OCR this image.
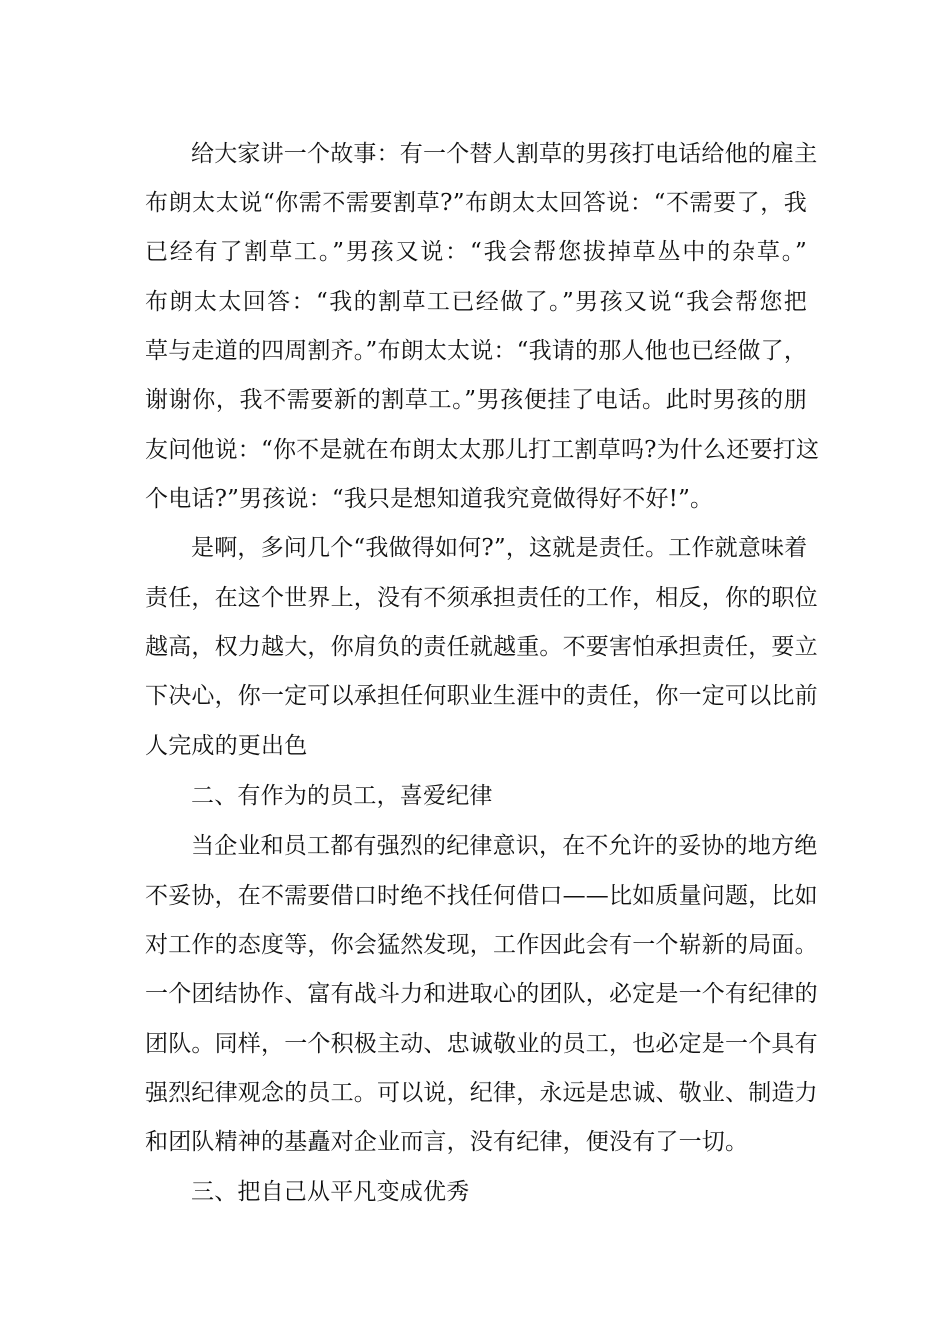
给大家讲一个故事：有一个替人割草的男孩打电话给他的雇主
布朗太太说“你需不需要割草?”布朗太太回答说：“不需要了，我
已经有了割草工。”男孩又说：“我会帮您拔掉草丛中的杂草。”
布朗太太回答：“我的割草工已经做了。”男孩又说“我会帮您把
草与走道的四周割齐。”布朗太太说：“我请的那人他也已经做了，
谢谢你，我不需要新的割草工。”男孩便挂了电话。此时男孩的朋
友问他说：“你不是就在布朗太太那儿打工割草吗?为什么还要打这
个电话?”男孩说：“我只是想知道我究竟做得好不好!”。
是啊，多问几个“我做得如何?”，这就是责任。工作就意味着
责任，在这个世界上，没有不须承担责任的工作，相反，你的职位
越高，权力越大，你肩负的责任就越重。不要害怕承担责任，要立
下决心，你一定可以承担任何职业生涯中的责任，你一定可以比前
人完成的更出色
二、有作为的员工，喜爱纪律
当企业和员工都有强烈的纪律意识，在不允许的妥协的地方绝
不妥协，在不需要借口时绝不找任何借口——比如质量问题，比如
对工作的态度等，你会猛然发现，工作因此会有一个崭新的局面。
一个团结协作、富有战斗力和进取心的团队，必定是一个有纪律的
团队。同样，一个积极主动、忠诚敬业的员工，也必定是一个具有
强烈纪律观念的员工。可以说，纪律，永远是忠诚、敬业、制造力
和团队精神的基矗对企业而言，没有纪律，便没有了一切。
三、把自己从平凡变成优秀
